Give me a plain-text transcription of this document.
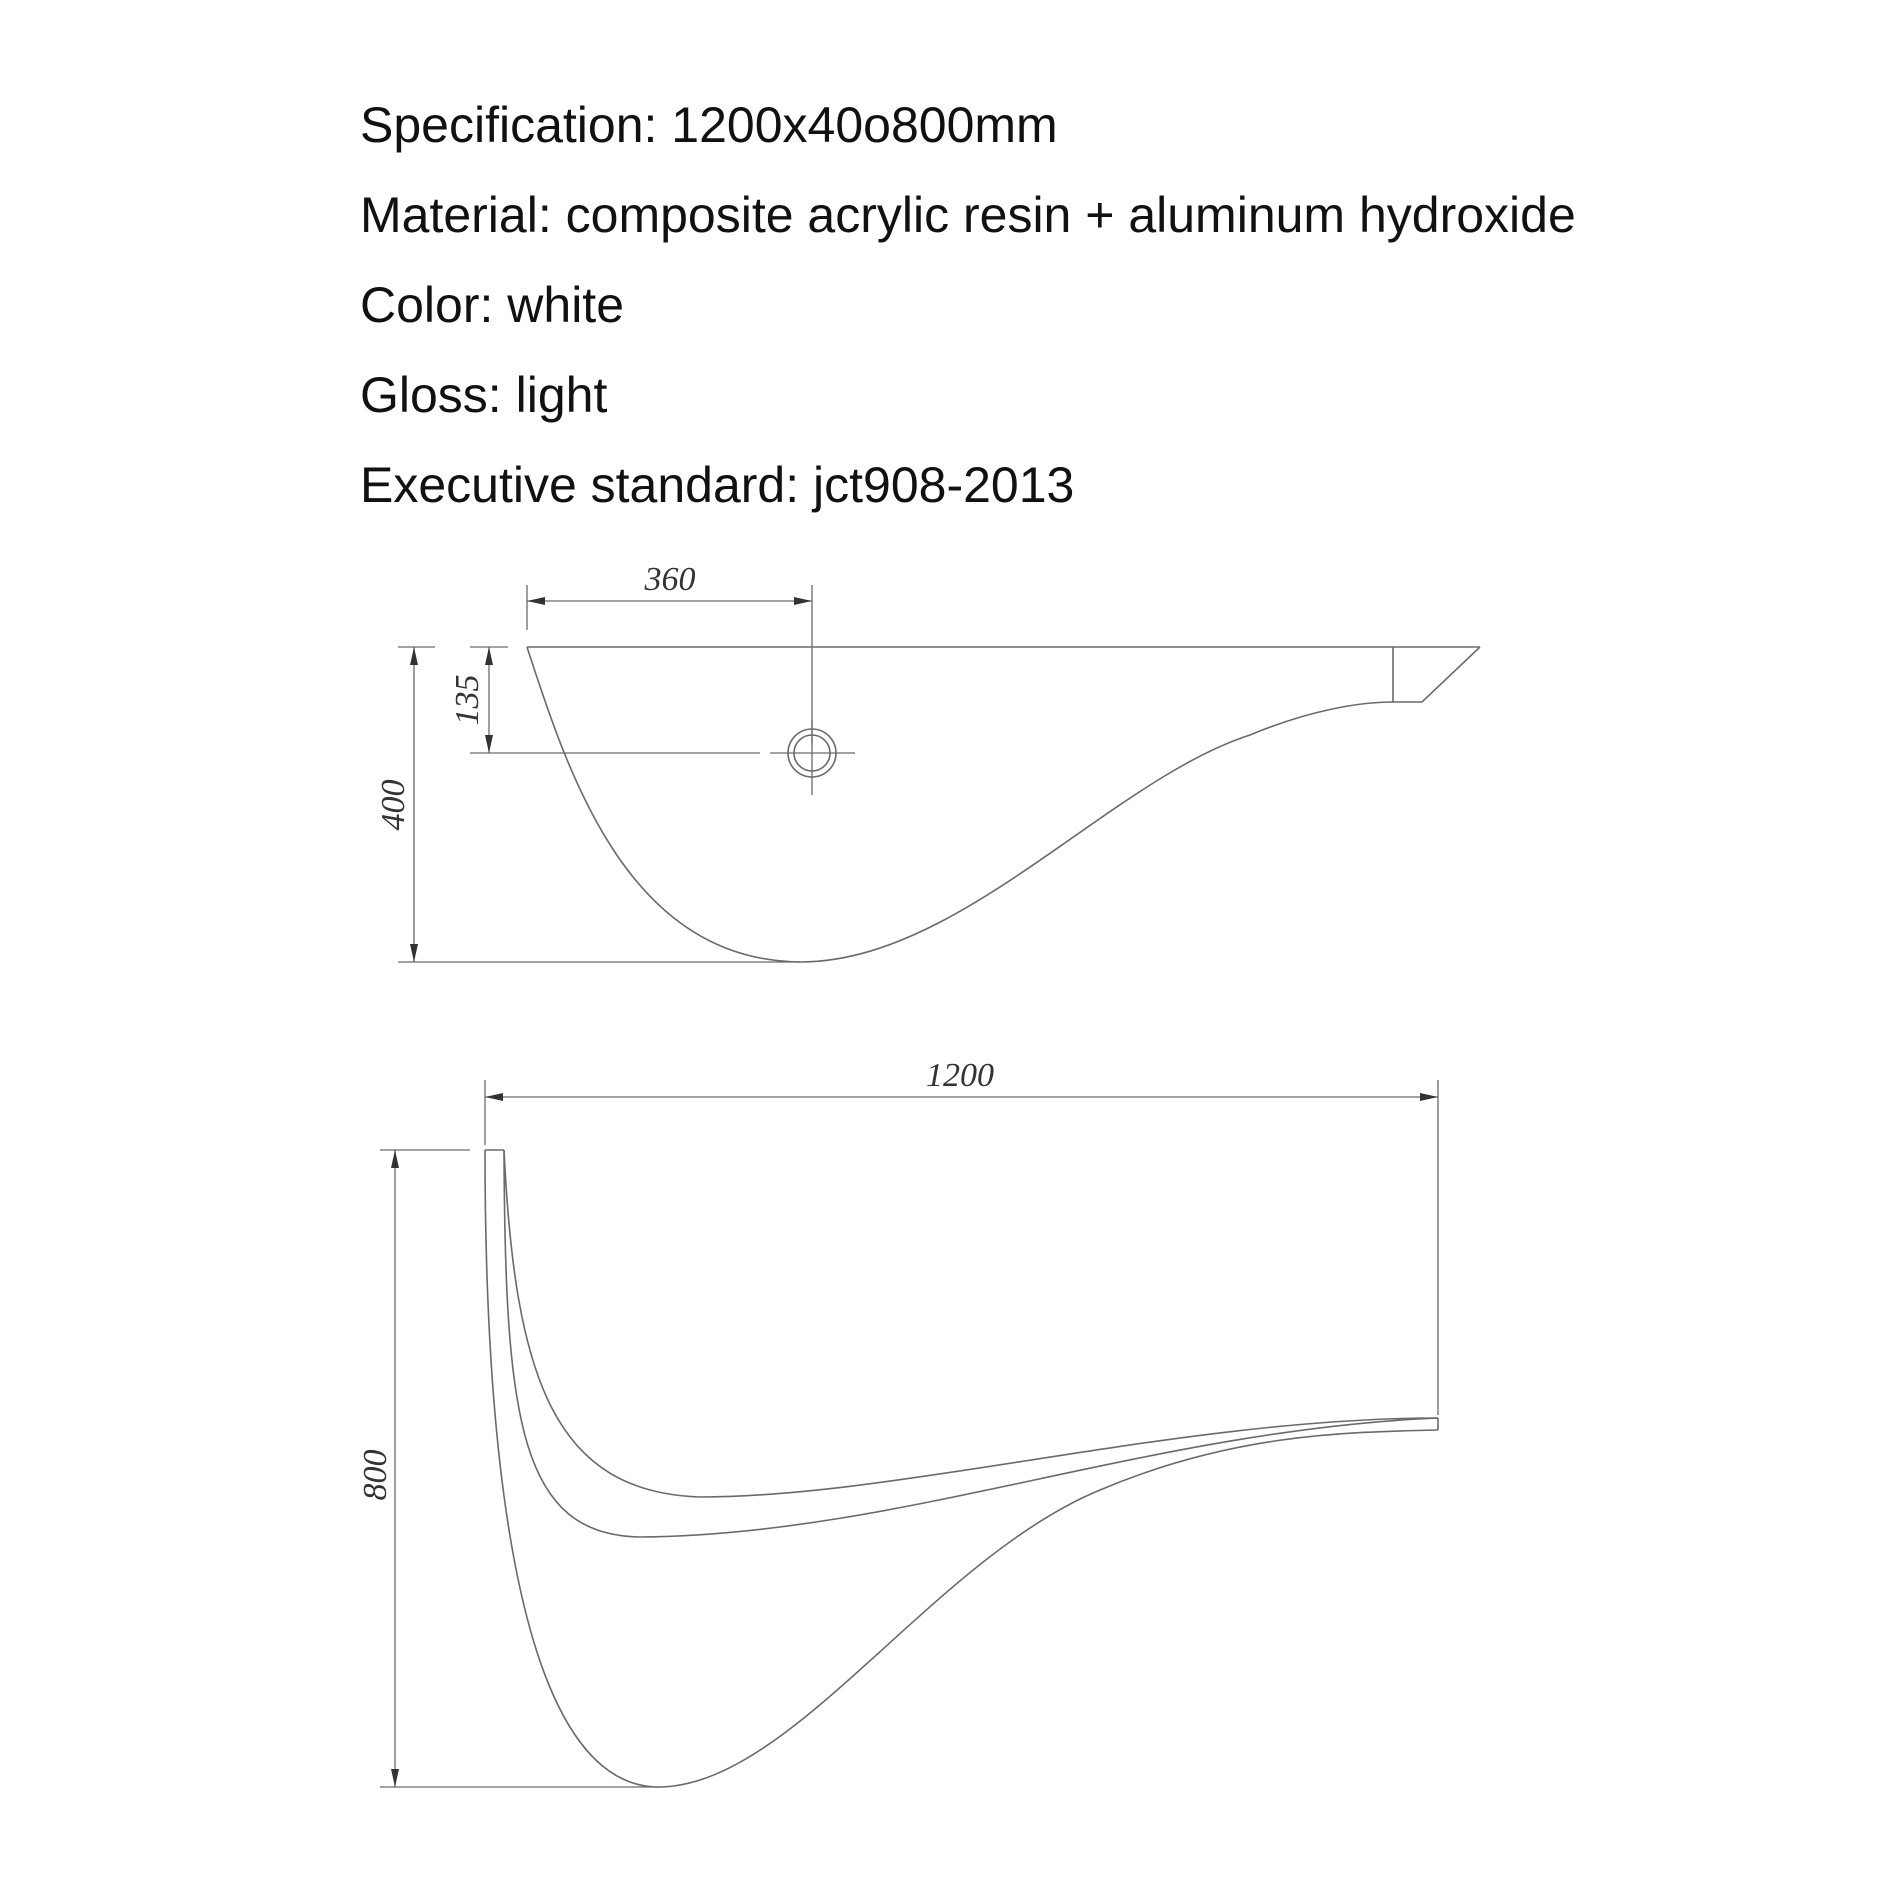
Specification: 1200x40o800mm
Material: composite acrylic resin + aluminum hydroxide
Color: white
Gloss: light
Executive standard: jct908-2013
360
135
400
1200
800
